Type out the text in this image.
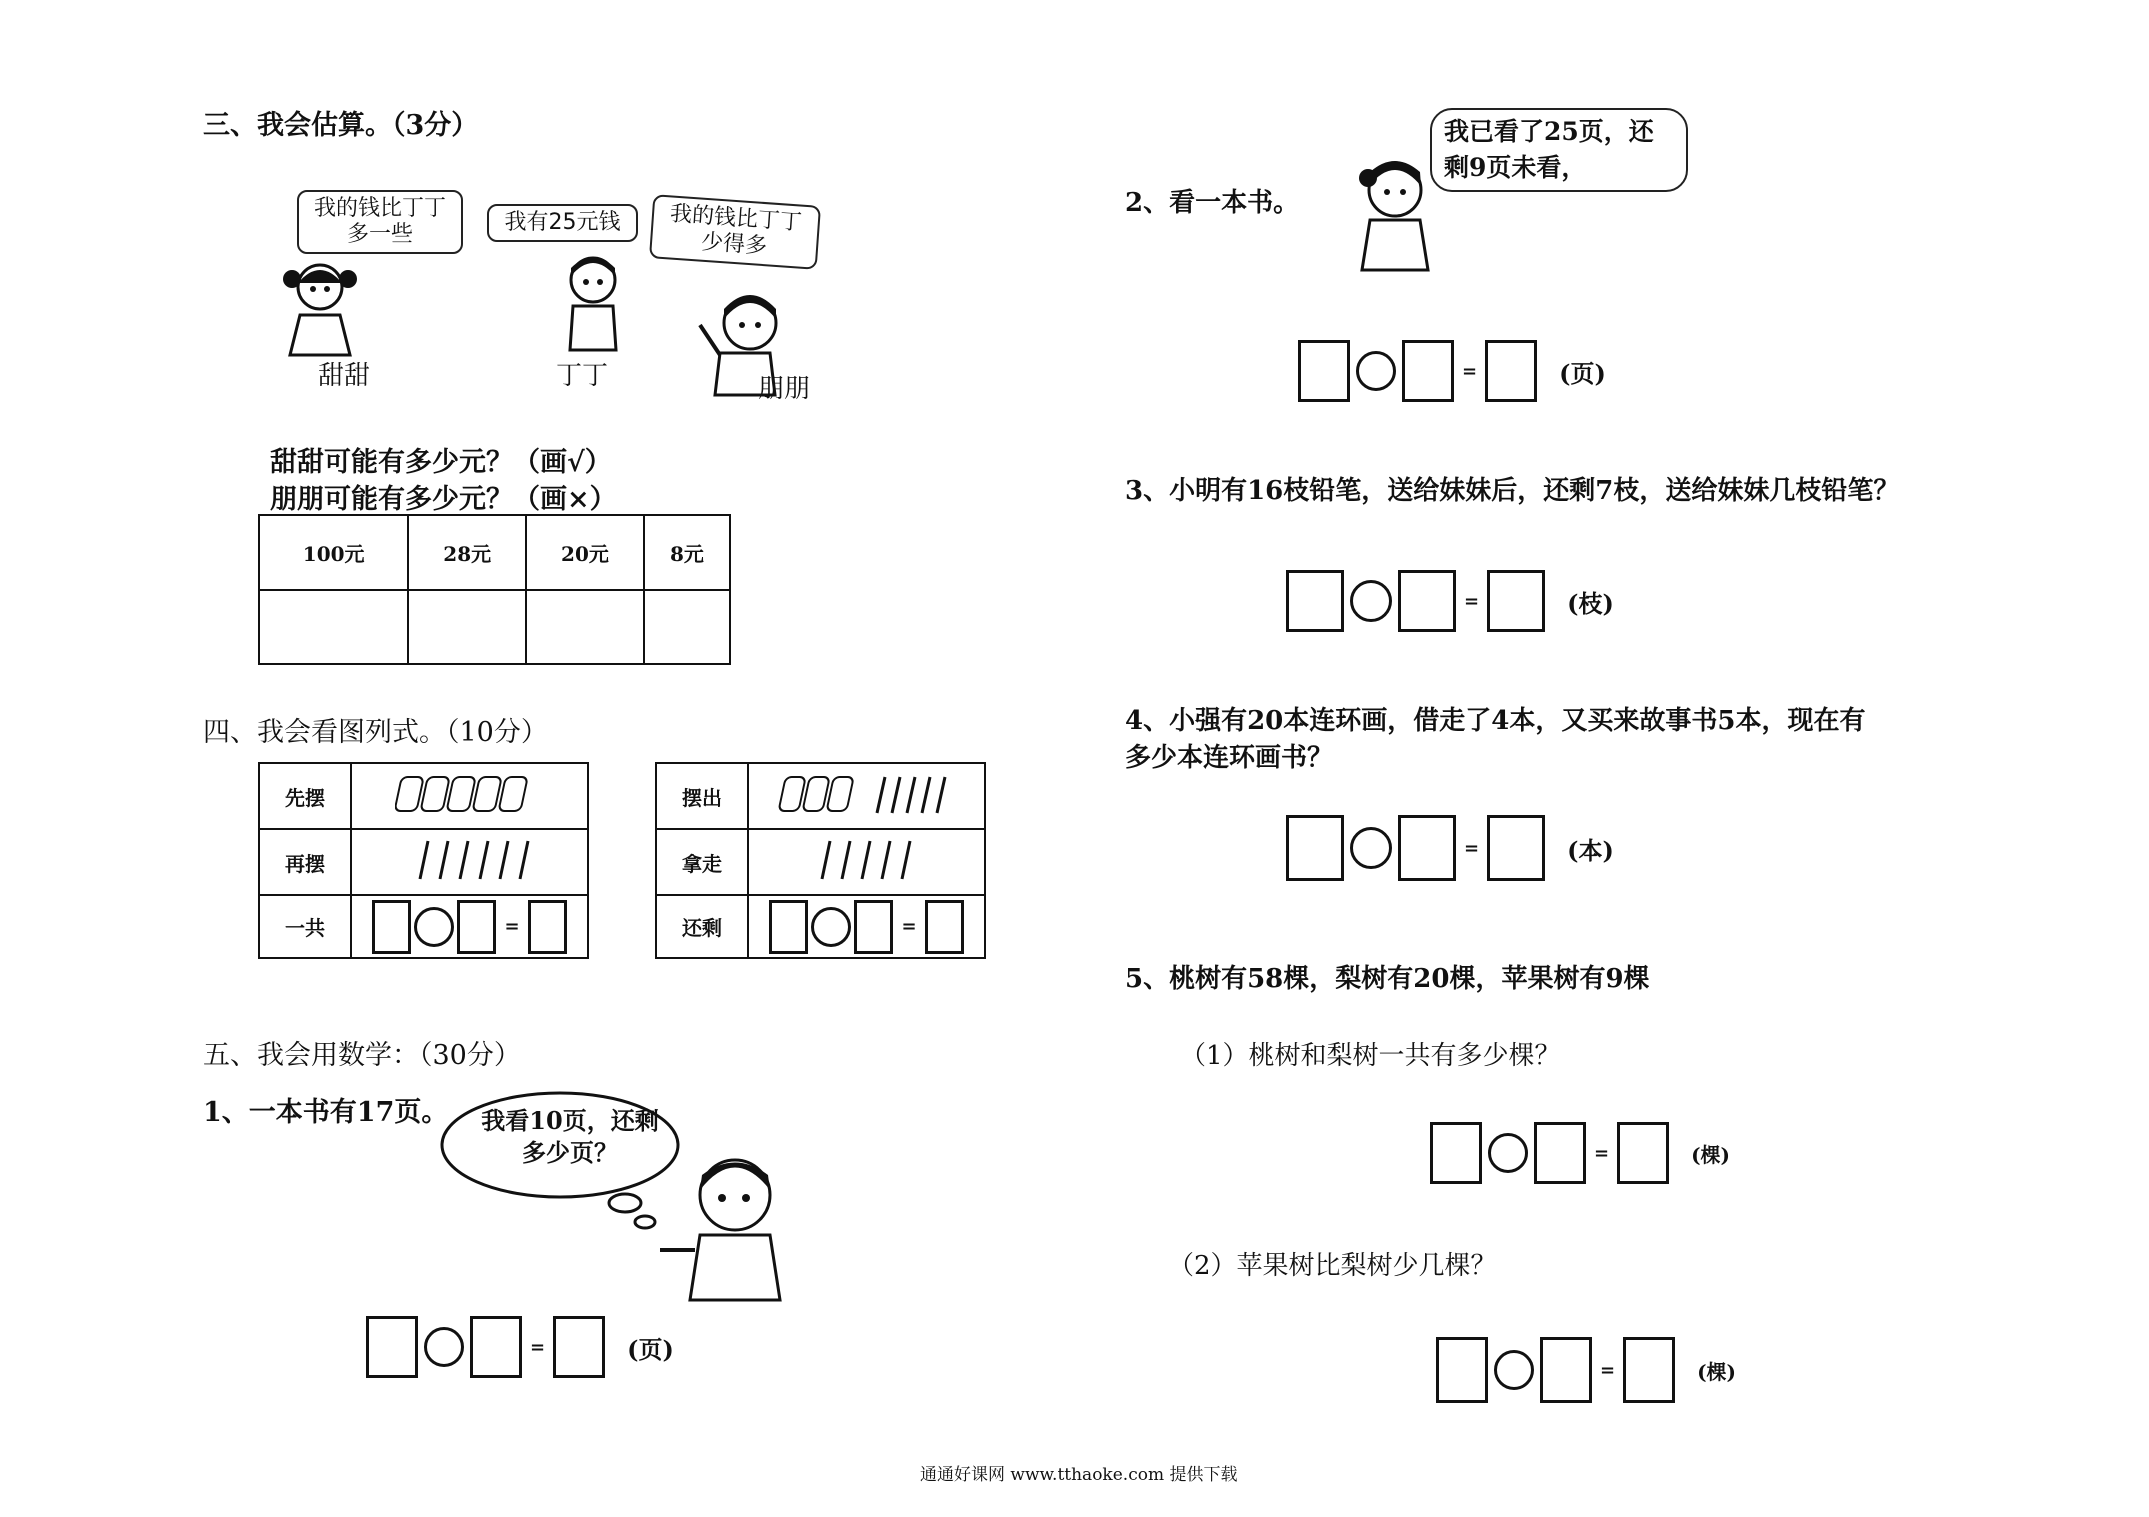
三、我会估算。（3分）
我的钱比丁丁多一些	我有25元钱	我的钱比丁丁少得多
甜甜	丁丁	朋朋
甜甜可能有多少元？（画√）
朋朋可能有多少元？（画×）
100元	28元	20元	8元

四、我会看图列式。（10分）
先摆	
再摆	
一共	=
摆出	
拿走	
还剩	=
五、我会用数学：（30分）
1、一本书有17页。 我看10页，还剩多少页？
=	(页)
2、看一本书。
我已看了25页，还剩9页未看，
=	(页)
3、小明有16枝铅笔，送给妹妹后，还剩7枝，送给妹妹几枝铅笔？
=	(枝)
4、小强有20本连环画，借走了4本，又买来故事书5本，现在有
多少本连环画书？
=	(本)
5、桃树有58棵，梨树有20棵，苹果树有9棵
（1）桃树和梨树一共有多少棵？
=	(棵)
（2）苹果树比梨树少几棵？
=	(棵)
通通好课网 www.tthaoke.com 提供下载
